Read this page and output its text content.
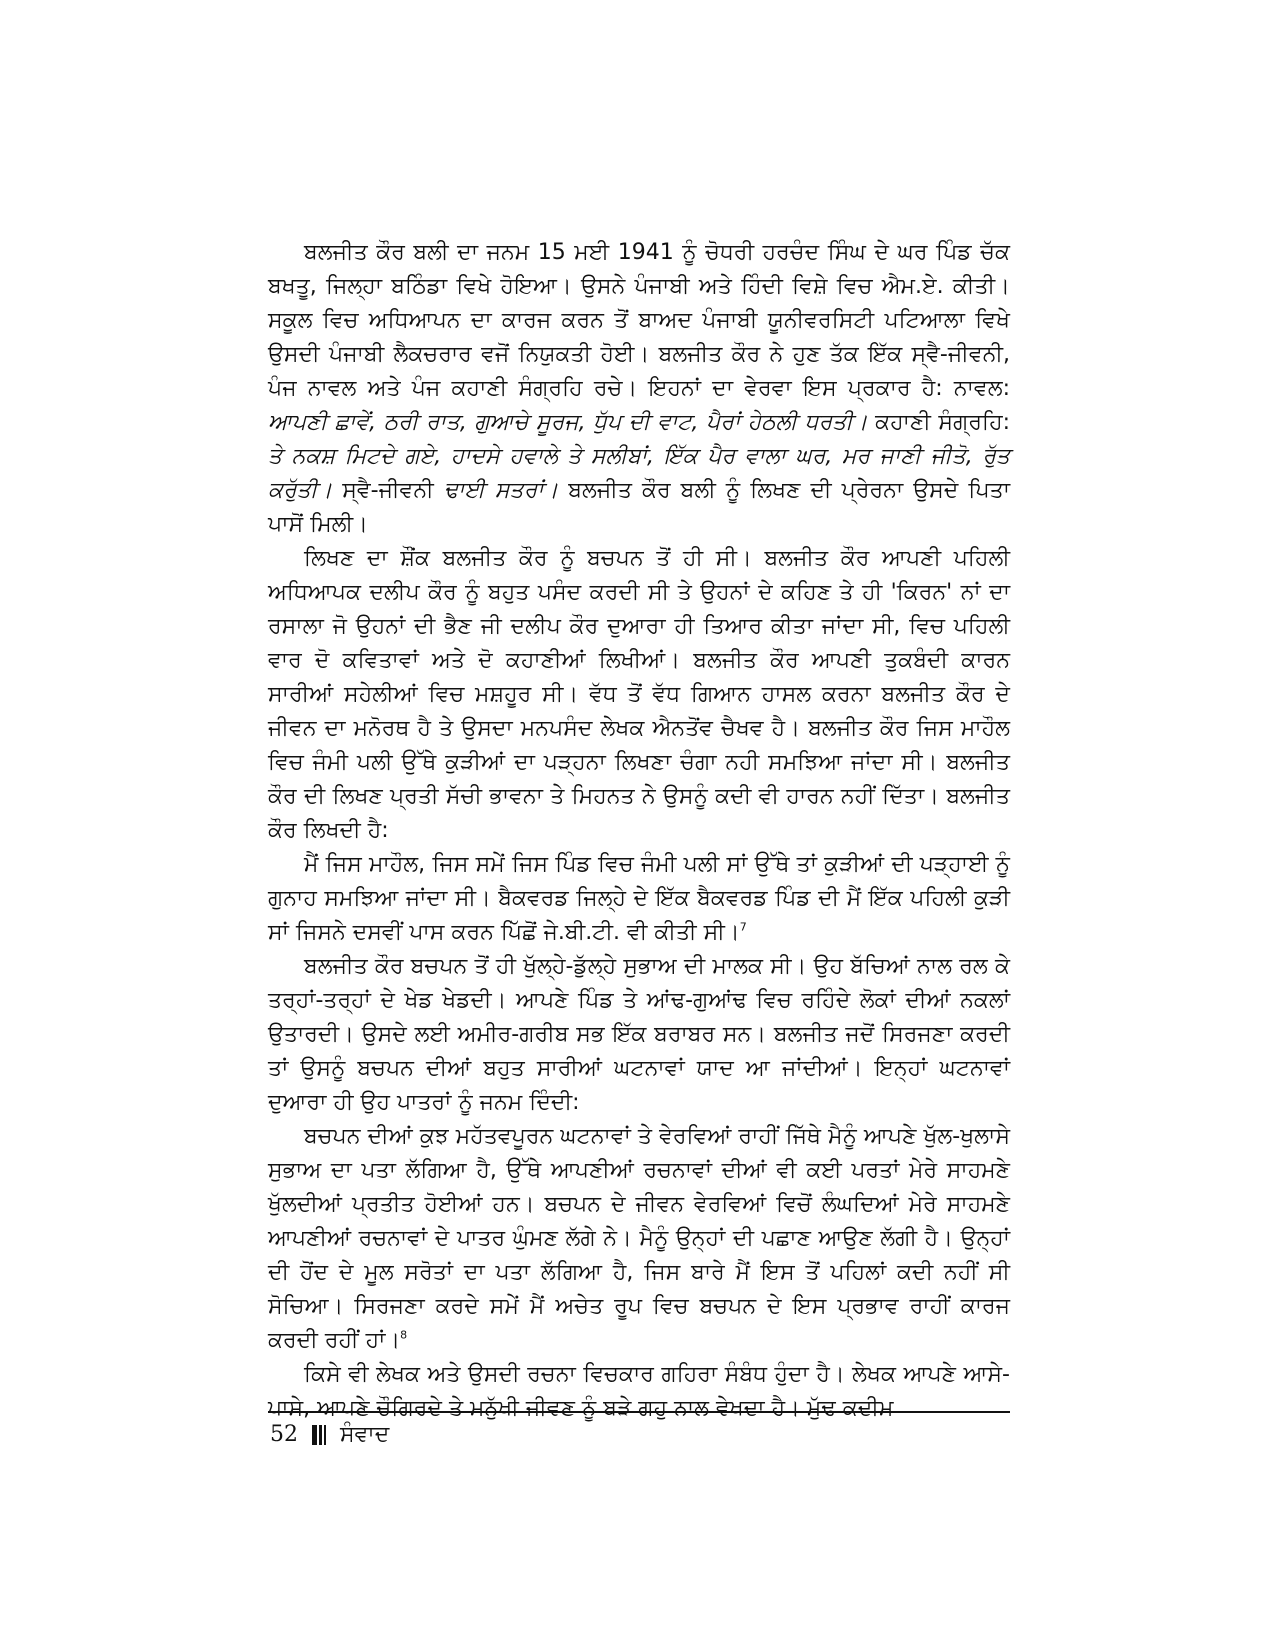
ਬਲਜੀਤ ਕੌਰ ਬਲੀ ਦਾ ਜਨਮ 15 ਮਈ 1941 ਨੂੰ ਚੋਧਰੀ ਹਰਚੰਦ ਸਿੰਘ ਦੇ ਘਰ ਪਿੰਡ ਚੱਕ ਬਖਤੂ, ਜਿਲ੍ਹਾ ਬਠਿੰਡਾ ਵਿਖੇ ਹੋਇਆ। ਉਸਨੇ ਪੰਜਾਬੀ ਅਤੇ ਹਿੰਦੀ ਵਿਸ਼ੇ ਵਿਚ ਐਮ.ਏ. ਕੀਤੀ। ਸਕੂਲ ਵਿਚ ਅਧਿਆਪਨ ਦਾ ਕਾਰਜ ਕਰਨ ਤੋਂ ਬਾਅਦ ਪੰਜਾਬੀ ਯੂਨੀਵਰਸਿਟੀ ਪਟਿਆਲਾ ਵਿਖੇ ਉਸਦੀ ਪੰਜਾਬੀ ਲੈਕਚਰਾਰ ਵਜੋਂ ਨਿਯੁਕਤੀ ਹੋਈ। ਬਲਜੀਤ ਕੌਰ ਨੇ ਹੁਣ ਤੱਕ ਇੱਕ ਸ੍ਵੈ-ਜੀਵਨੀ, ਪੰਜ ਨਾਵਲ ਅਤੇ ਪੰਜ ਕਹਾਣੀ ਸੰਗ੍ਰਹਿ ਰਚੇ। ਇਹਨਾਂ ਦਾ ਵੇਰਵਾ ਇਸ ਪ੍ਰਕਾਰ ਹੈ: ਨਾਵਲ: ਆਪਣੀ ਛਾਵੇਂ, ਠਰੀ ਰਾਤ, ਗੁਆਚੇ ਸੂਰਜ, ਧੁੱਪ ਦੀ ਵਾਟ, ਪੈਰਾਂ ਹੇਠਲੀ ਧਰਤੀ। ਕਹਾਣੀ ਸੰਗ੍ਰਹਿ: ਤੇ ਨਕਸ਼ ਮਿਟਦੇ ਗਏ, ਹਾਦਸੇ ਹਵਾਲੇ ਤੇ ਸਲੀਬਾਂ, ਇੱਕ ਪੈਰ ਵਾਲਾ ਘਰ, ਮਰ ਜਾਣੀ ਜੀਤੋ, ਰੁੱਤ ਕਰੁੱਤੀ। ਸ੍ਵੈ-ਜੀਵਨੀ ਢਾਈ ਸਤਰਾਂ। ਬਲਜੀਤ ਕੌਰ ਬਲੀ ਨੂੰ ਲਿਖਣ ਦੀ ਪ੍ਰੇਰਨਾ ਉਸਦੇ ਪਿਤਾ ਪਾਸੋਂ ਮਿਲੀ।

ਲਿਖਣ ਦਾ ਸ਼ੌਂਕ ਬਲਜੀਤ ਕੌਰ ਨੂੰ ਬਚਪਨ ਤੋਂ ਹੀ ਸੀ। ਬਲਜੀਤ ਕੌਰ ਆਪਣੀ ਪਹਿਲੀ ਅਧਿਆਪਕ ਦਲੀਪ ਕੌਰ ਨੂੰ ਬਹੁਤ ਪਸੰਦ ਕਰਦੀ ਸੀ ਤੇ ਉਹਨਾਂ ਦੇ ਕਹਿਣ ਤੇ ਹੀ 'ਕਿਰਨ' ਨਾਂ ਦਾ ਰਸਾਲਾ ਜੋ ਉਹਨਾਂ ਦੀ ਭੈਣ ਜੀ ਦਲੀਪ ਕੌਰ ਦੁਆਰਾ ਹੀ ਤਿਆਰ ਕੀਤਾ ਜਾਂਦਾ ਸੀ, ਵਿਚ ਪਹਿਲੀ ਵਾਰ ਦੋ ਕਵਿਤਾਵਾਂ ਅਤੇ ਦੋ ਕਹਾਣੀਆਂ ਲਿਖੀਆਂ। ਬਲਜੀਤ ਕੌਰ ਆਪਣੀ ਤੁਕਬੰਦੀ ਕਾਰਨ ਸਾਰੀਆਂ ਸਹੇਲੀਆਂ ਵਿਚ ਮਸ਼ਹੂਰ ਸੀ। ਵੱਧ ਤੋਂ ਵੱਧ ਗਿਆਨ ਹਾਸਲ ਕਰਨਾ ਬਲਜੀਤ ਕੌਰ ਦੇ ਜੀਵਨ ਦਾ ਮਨੋਰਥ ਹੈ ਤੇ ਉਸਦਾ ਮਨਪਸੰਦ ਲੇਖਕ ਐਨਤੋਂਵ ਚੈਖਵ ਹੈ। ਬਲਜੀਤ ਕੌਰ ਜਿਸ ਮਾਹੌਲ ਵਿਚ ਜੰਮੀ ਪਲੀ ਉੱਥੇ ਕੁੜੀਆਂ ਦਾ ਪੜ੍ਹਨਾ ਲਿਖਣਾ ਚੰਗਾ ਨਹੀ ਸਮਝਿਆ ਜਾਂਦਾ ਸੀ। ਬਲਜੀਤ ਕੌਰ ਦੀ ਲਿਖਣ ਪ੍ਰਤੀ ਸੱਚੀ ਭਾਵਨਾ ਤੇ ਮਿਹਨਤ ਨੇ ਉਸਨੂੰ ਕਦੀ ਵੀ ਹਾਰਨ ਨਹੀਂ ਦਿੱਤਾ। ਬਲਜੀਤ ਕੌਰ ਲਿਖਦੀ ਹੈ:

ਮੈਂ ਜਿਸ ਮਾਹੌਲ, ਜਿਸ ਸਮੇਂ ਜਿਸ ਪਿੰਡ ਵਿਚ ਜੰਮੀ ਪਲੀ ਸਾਂ ਉੱਥੇ ਤਾਂ ਕੁੜੀਆਂ ਦੀ ਪੜ੍ਹਾਈ ਨੂੰ ਗੁਨਾਹ ਸਮਝਿਆ ਜਾਂਦਾ ਸੀ। ਬੈਕਵਰਡ ਜਿਲ੍ਹੇ ਦੇ ਇੱਕ ਬੈਕਵਰਡ ਪਿੰਡ ਦੀ ਮੈਂ ਇੱਕ ਪਹਿਲੀ ਕੁੜੀ ਸਾਂ ਜਿਸਨੇ ਦਸਵੀਂ ਪਾਸ ਕਰਨ ਪਿੱਛੋਂ ਜੇ.ਬੀ.ਟੀ. ਵੀ ਕੀਤੀ ਸੀ।$^7$

ਬਲਜੀਤ ਕੌਰ ਬਚਪਨ ਤੋਂ ਹੀ ਖੁੱਲ੍ਹੇ-ਡੁੱਲ੍ਹੇ ਸੁਭਾਅ ਦੀ ਮਾਲਕ ਸੀ। ਉਹ ਬੱਚਿਆਂ ਨਾਲ ਰਲ ਕੇ ਤਰ੍ਹਾਂ-ਤਰ੍ਹਾਂ ਦੇ ਖੇਡ ਖੇਡਦੀ। ਆਪਣੇ ਪਿੰਡ ਤੇ ਆਂਢ-ਗੁਆਂਢ ਵਿਚ ਰਹਿੰਦੇ ਲੋਕਾਂ ਦੀਆਂ ਨਕਲਾਂ ਉਤਾਰਦੀ। ਉਸਦੇ ਲਈ ਅਮੀਰ-ਗਰੀਬ ਸਭ ਇੱਕ ਬਰਾਬਰ ਸਨ। ਬਲਜੀਤ ਜਦੋਂ ਸਿਰਜਣਾ ਕਰਦੀ ਤਾਂ ਉਸਨੂੰ ਬਚਪਨ ਦੀਆਂ ਬਹੁਤ ਸਾਰੀਆਂ ਘਟਨਾਵਾਂ ਯਾਦ ਆ ਜਾਂਦੀਆਂ। ਇਨ੍ਹਾਂ ਘਟਨਾਵਾਂ ਦੁਆਰਾ ਹੀ ਉਹ ਪਾਤਰਾਂ ਨੂੰ ਜਨਮ ਦਿੰਦੀ:

ਬਚਪਨ ਦੀਆਂ ਕੁਝ ਮਹੱਤਵਪੂਰਨ ਘਟਨਾਵਾਂ ਤੇ ਵੇਰਵਿਆਂ ਰਾਹੀਂ ਜਿੱਥੇ ਮੈਨੂੰ ਆਪਣੇ ਖੁੱਲ-ਖੁਲਾਸੇ ਸੁਭਾਅ ਦਾ ਪਤਾ ਲੱਗਿਆ ਹੈ, ਉੱਥੇ ਆਪਣੀਆਂ ਰਚਨਾਵਾਂ ਦੀਆਂ ਵੀ ਕਈ ਪਰਤਾਂ ਮੇਰੇ ਸਾਹਮਣੇ ਖੁੱਲਦੀਆਂ ਪ੍ਰਤੀਤ ਹੋਈਆਂ ਹਨ। ਬਚਪਨ ਦੇ ਜੀਵਨ ਵੇਰਵਿਆਂ ਵਿਚੋਂ ਲੰਘਦਿਆਂ ਮੇਰੇ ਸਾਹਮਣੇ ਆਪਣੀਆਂ ਰਚਨਾਵਾਂ ਦੇ ਪਾਤਰ ਘੁੰਮਣ ਲੱਗੇ ਨੇ। ਮੈਨੂੰ ਉਨ੍ਹਾਂ ਦੀ ਪਛਾਣ ਆਉਣ ਲੱਗੀ ਹੈ। ਉਨ੍ਹਾਂ ਦੀ ਹੋਂਦ ਦੇ ਮੂਲ ਸਰੋਤਾਂ ਦਾ ਪਤਾ ਲੱਗਿਆ ਹੈ, ਜਿਸ ਬਾਰੇ ਮੈਂ ਇਸ ਤੋਂ ਪਹਿਲਾਂ ਕਦੀ ਨਹੀਂ ਸੀ ਸੋਚਿਆ। ਸਿਰਜਣਾ ਕਰਦੇ ਸਮੇਂ ਮੈਂ ਅਚੇਤ ਰੂਪ ਵਿਚ ਬਚਪਨ ਦੇ ਇਸ ਪ੍ਰਭਾਵ ਰਾਹੀਂ ਕਾਰਜ ਕਰਦੀ ਰਹੀਂ ਹਾਂ।$^8$

ਕਿਸੇ ਵੀ ਲੇਖਕ ਅਤੇ ਉਸਦੀ ਰਚਨਾ ਵਿਚਕਾਰ ਗਹਿਰਾ ਸੰਬੰਧ ਹੁੰਦਾ ਹੈ। ਲੇਖਕ ਆਪਣੇ ਆਸੇ-ਪਾਸੇ, ਆਪਣੇ ਚੌਗਿਰਦੇ ਤੇ ਮਨੁੱਖੀ ਜੀਵਣ ਨੂੰ ਬੜੇ ਗਹੁ ਨਾਲ ਵੇਖਦਾ ਹੈ। ਮੁੱਢ ਕਦੀਮ

52 ਸੰਵਾਦ
